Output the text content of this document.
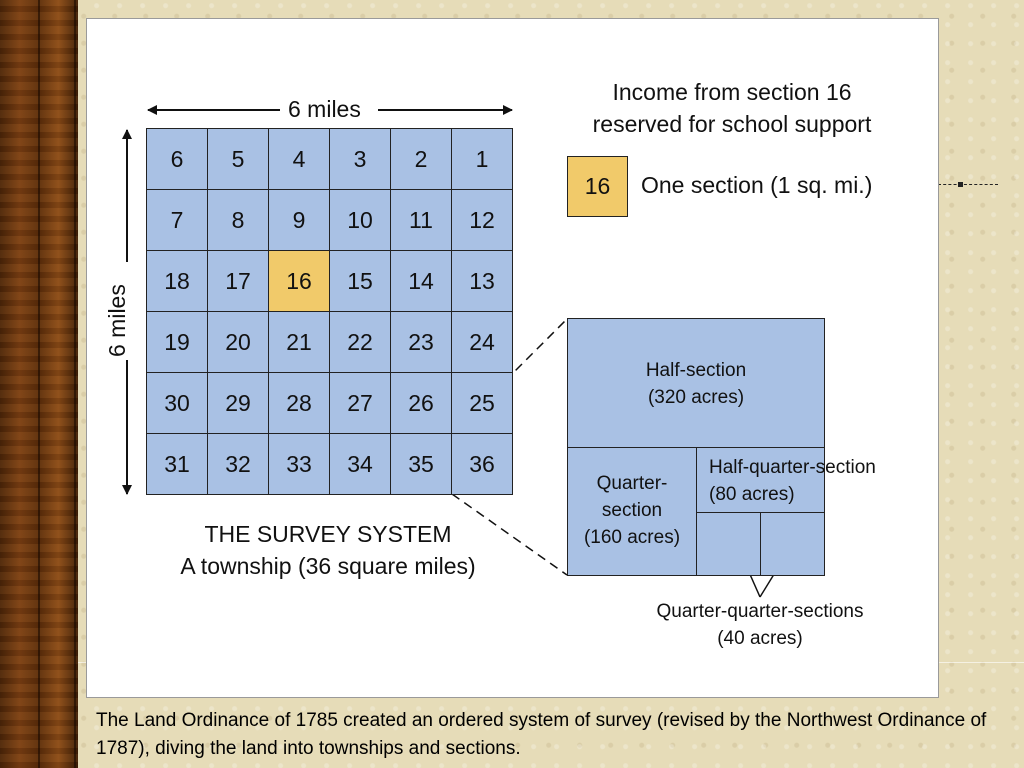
6 miles
6 miles
6	5	4	3	2	1
7	8	9	10	11	12
18	17	16	15	14	13
19	20	21	22	23	24
30	29	28	27	26	25
31	32	33	34	35	36
Income from section 16
reserved for school support
16	One section (1 sq. mi.)
THE SURVEY SYSTEM
A township (36 square miles)
Half-section
(320 acres)
Quarter-
section
(160 acres)
Half-quarter-section
(80 acres)
Quarter-quarter-sections
(40 acres)
The Land Ordinance of 1785 created an ordered system of survey (revised by the Northwest Ordinance of 1787), diving the land into townships and sections.
